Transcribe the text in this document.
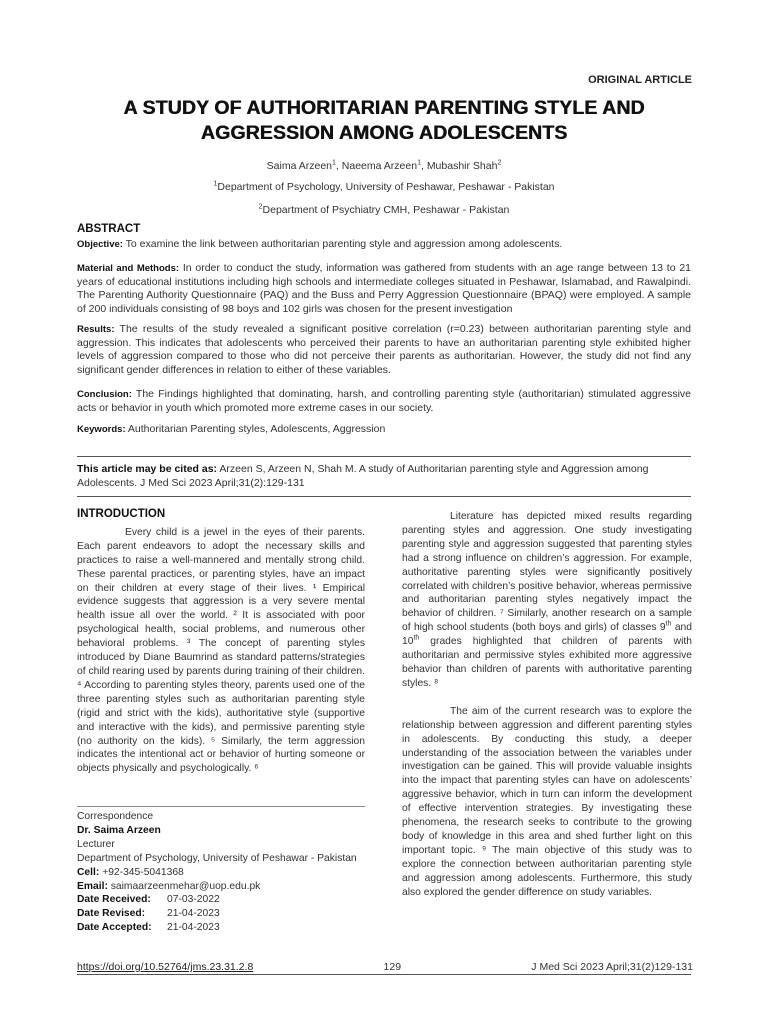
ORIGINAL ARTICLE
A STUDY OF AUTHORITARIAN PARENTING STYLE AND
AGGRESSION AMONG ADOLESCENTS
Saima Arzeen$^1$, Naeema Arzeen$^1$, Mubashir Shah$^2$
$^1$Department of Psychology, University of Peshawar, Peshawar - Pakistan
$^2$Department of Psychiatry CMH, Peshawar - Pakistan
ABSTRACT
Objective: To examine the link between authoritarian parenting style and aggression among adolescents.
Material and Methods: In order to conduct the study, information was gathered from students with an age range between 13 to 21 years of educational institutions including high schools and intermediate colleges situated in Peshawar, Islamabad, and Rawalpindi. The Parenting Authority Questionnaire (PAQ) and the Buss and Perry Aggression Questionnaire (BPAQ) were employed. A sample of 200 individuals consisting of 98 boys and 102 girls was chosen for the present investigation
Results: The results of the study revealed a significant positive correlation (r=0.23) between authoritarian parenting style and aggression. This indicates that adolescents who perceived their parents to have an authoritarian parenting style exhibited higher levels of aggression compared to those who did not perceive their parents as authoritarian. However, the study did not find any significant gender differences in relation to either of these variables.
Conclusion: The Findings highlighted that dominating, harsh, and controlling parenting style (authoritarian) stimulated aggressive acts or behavior in youth which promoted more extreme cases in our society.
Keywords: Authoritarian Parenting styles, Adolescents, Aggression
This article may be cited as: Arzeen S, Arzeen N, Shah M. A study of Authoritarian parenting style and Aggression among Adolescents. J Med Sci 2023 April;31(2):129-131
INTRODUCTION

Every child is a jewel in the eyes of their parents. Each parent endeavors to adopt the necessary skills and practices to raise a well-mannered and mentally strong child. These parental practices, or parenting styles, have an impact on their children at every stage of their lives. ¹ Empirical evidence suggests that aggression is a very severe mental health issue all over the world. ² It is associated with poor psychological health, social problems, and numerous other behavioral problems. ³ The concept of parenting styles introduced by Diane Baumrind as standard patterns/strategies of child rearing used by parents during training of their children. ⁴ According to parenting styles theory, parents used one of the three parenting styles such as authoritarian parenting style (rigid and strict with the kids), authoritative style (supportive and interactive with the kids), and permissive parenting style (no authority on the kids). ⁵ Similarly, the term aggression indicates the intentional act or behavior of hurting someone or objects physically and psychologically. ⁶

Correspondence
Dr. Saima Arzeen
Lecturer
Department of Psychology, University of Peshawar - Pakistan
Cell: +92-345-5041368
Email: saimaarzeenmehar@uop.edu.pk
Date Received:	07-03-2022
Date Revised:	21-04-2023
Date Accepted:	21-04-2023

Literature has depicted mixed results regarding parenting styles and aggression. One study investigating parenting style and aggression suggested that parenting styles had a strong influence on children’s aggression. For example, authoritative parenting styles were significantly positively correlated with children’s positive behavior, whereas permissive and authoritarian parenting styles negatively impact the behavior of children. ⁷ Similarly, another research on a sample of high school students (both boys and girls) of classes 9th and 10th grades highlighted that children of parents with authoritarian and permissive styles exhibited more aggressive behavior than children of parents with authoritative parenting styles. ⁸

The aim of the current research was to explore the relationship between aggression and different parenting styles in adolescents. By conducting this study, a deeper understanding of the association between the variables under investigation can be gained. This will provide valuable insights into the impact that parenting styles can have on adolescents’ aggressive behavior, which in turn can inform the development of effective intervention strategies. By investigating these phenomena, the research seeks to contribute to the growing body of knowledge in this area and shed further light on this important topic. ⁹ The main objective of this study was to explore the connection between authoritarian parenting style and aggression among adolescents. Furthermore, this study also explored the gender difference on study variables.

https://doi.org/10.52764/jms.23.31.2.8	129	J Med Sci 2023 April;31(2)129-131
